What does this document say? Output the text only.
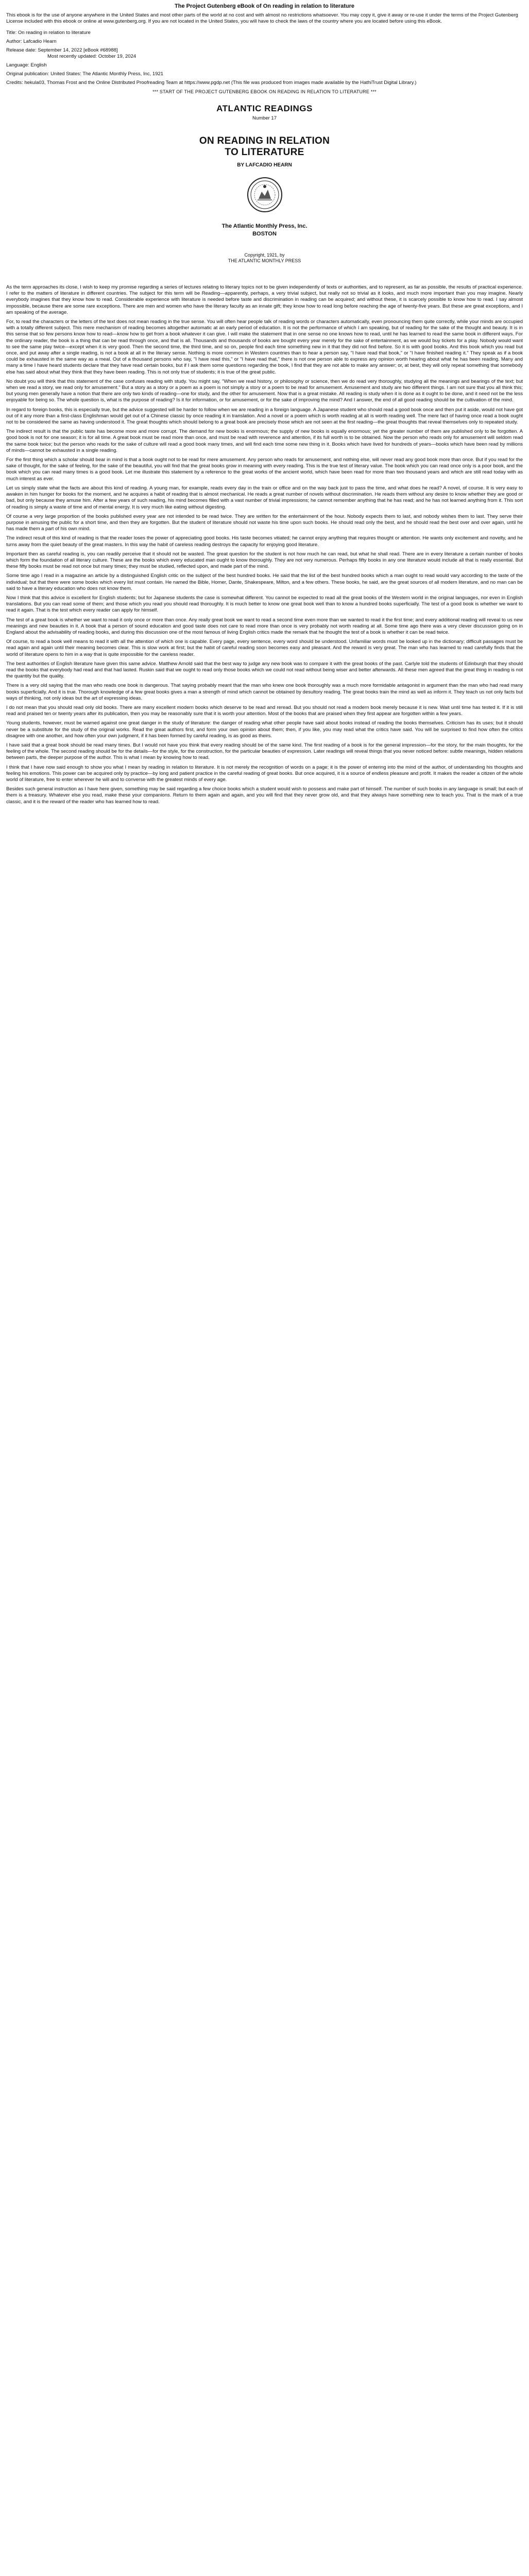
The Project Gutenberg eBook of On reading in relation to literature

This ebook is for the use of anyone anywhere in the United States and most other parts of the world at no cost and with almost no restrictions whatsoever. You may copy it, give it away or re-use it under the terms of the Project Gutenberg License included with this ebook or online at www.gutenberg.org. If you are not located in the United States, you will have to check the laws of the country where you are located before using this eBook.

Title: On reading in relation to literature

Author: Lafcadio Hearn

Release date: September 14, 2022 [eBook #68988]

Most recently updated: October 19, 2024

Language: English

Original publication: United States: The Atlantic Monthly Press, Inc, 1921

Credits: hekula03, Thomas Frost and the Online Distributed Proofreading Team at https://www.pgdp.net (This file was produced from images made available by the HathiTrust Digital Library.)

*** START OF THE PROJECT GUTENBERG EBOOK ON READING IN RELATION TO LITERATURE ***
ATLANTIC READINGS
Number 17
ON READING IN RELATION
TO LITERATURE
BY LAFCADIO HEARN
The Atlantic Monthly Press, Inc.
BOSTON
Copyright, 1921, by
THE ATLANTIC MONTHLY PRESS

As the term approaches its close, I wish to keep my promise regarding a series of lectures relating to literary topics not to be given independently of texts or authorities, and to represent, as far as possible, the results of practical experience. I refer to the matters of literature in different countries. The subject for this term will be Reading—apparently, perhaps, a very trivial subject, but really not so trivial as it looks, and much more important than you may imagine. Nearly everybody imagines that they know how to read. Considerable experience with literature is needed before taste and discrimination in reading can be acquired; and without these, it is scarcely possible to know how to read. I say almost impossible, because there are some rare exceptions. There are men and women who have the literary faculty as an innate gift; they know how to read long before reaching the age of twenty-five years. But these are great exceptions, and I am speaking of the average.

For, to read the characters or the letters of the text does not mean reading in the true sense. You will often hear people talk of reading words or characters automatically, even pronouncing them quite correctly, while your minds are occupied with a totally different subject. This mere mechanism of reading becomes altogether automatic at an early period of education. It is not the performance of which I am speaking, but of reading for the sake of the thought and beauty. It is in this sense that so few persons know how to read—know how to get from a book whatever it can give. I will make the statement that in one sense no one knows how to read, until he has learned to read the same book in different ways. For the ordinary reader, the book is a thing that can be read through once, and that is all. Thousands and thousands of books are bought every year merely for the sake of entertainment, as we would buy tickets for a play. Nobody would want to see the same play twice—except when it is very good. Then the second time, the third time, and so on, people find each time something new in it that they did not find before. So it is with good books. And this book which you read but once, and put away after a single reading, is not a book at all in the literary sense. Nothing is more common in Western countries than to hear a person say, "I have read that book," or "I have finished reading it." They speak as if a book could be exhausted in the same way as a meal. Out of a thousand persons who say, "I have read this," or "I have read that," there is not one person able to express any opinion worth hearing about what he has been reading. Many and many a time I have heard students declare that they have read certain books, but if I ask them some questions regarding the book, I find that they are not able to make any answer; or, at best, they will only repeat something that somebody else has said about what they think that they have been reading. This is not only true of students; it is true of the great public.

No doubt you will think that this statement of the case confuses reading with study. You might say, "When we read history, or philosophy or science, then we do read very thoroughly, studying all the meanings and bearings of the text; but when we read a story, we read only for amusement." But a story as a story or a poem as a poem is not simply a story or a poem to be read for amusement. Amusement and study are two different things. I am not sure that you all think this; but young men generally have a notion that there are only two kinds of reading—one for study, and the other for amusement. Now that is a great mistake. All reading is study when it is done as it ought to be done, and it need not be the less enjoyable for being so. The whole question is, what is the purpose of reading? Is it for information, or for amusement, or for the sake of improving the mind? And I answer, the end of all good reading should be the cultivation of the mind.

In regard to foreign books, this is especially true, but the advice suggested will be harder to follow when we are reading in a foreign language. A Japanese student who should read a good book once and then put it aside, would not have got out of it any more than a first-class Englishman would get out of a Chinese classic by once reading it in translation. And a novel or a poem which is worth reading at all is worth reading well. The mere fact of having once read a book ought not to be considered the same as having understood it. The great thoughts which should belong to a great book are precisely those which are not seen at the first reading—the great thoughts that reveal themselves only to repeated study.

The indirect result is that the public taste has become more and more corrupt. The demand for new books is enormous; the supply of new books is equally enormous; yet the greater number of them are published only to be forgotten. A good book is not for one season; it is for all time. A great book must be read more than once, and must be read with reverence and attention, if its full worth is to be obtained. Now the person who reads only for amusement will seldom read the same book twice; but the person who reads for the sake of culture will read a good book many times, and will find each time some new thing in it. Books which have lived for hundreds of years—books which have been read by millions of minds—cannot be exhausted in a single reading.

For the first thing which a scholar should bear in mind is that a book ought not to be read for mere amusement. Any person who reads for amusement, and nothing else, will never read any good book more than once. But if you read for the sake of thought, for the sake of feeling, for the sake of the beautiful, you will find that the great books grow in meaning with every reading. This is the true test of literary value. The book which you can read once only is a poor book, and the book which you can read many times is a good book. Let me illustrate this statement by a reference to the great works of the ancient world, which have been read for more than two thousand years and which are still read today with as much interest as ever.

Let us simply state what the facts are about this kind of reading. A young man, for example, reads every day in the train or office and on the way back just to pass the time, and what does he read? A novel, of course. It is very easy to awaken in him hunger for books for the moment, and he acquires a habit of reading that is almost mechanical. He reads a great number of novels without discrimination. He reads them without any desire to know whether they are good or bad, but only because they amuse him. After a few years of such reading, his mind becomes filled with a vast number of trivial impressions; he cannot remember anything that he has read; and he has not learned anything from it. This sort of reading is simply a waste of time and of mental energy. It is very much like eating without digesting.

Of course a very large proportion of the books published every year are not intended to be read twice. They are written for the entertainment of the hour. Nobody expects them to last, and nobody wishes them to last. They serve their purpose in amusing the public for a short time, and then they are forgotten. But the student of literature should not waste his time upon such books. He should read only the best, and he should read the best over and over again, until he has made them a part of his own mind.

The indirect result of this kind of reading is that the reader loses the power of appreciating good books. His taste becomes vitiated; he cannot enjoy anything that requires thought or attention. He wants only excitement and novelty, and he turns away from the quiet beauty of the great masters. In this way the habit of careless reading destroys the capacity for enjoying good literature.

Important then as careful reading is, you can readily perceive that it should not be wasted. The great question for the student is not how much he can read, but what he shall read. There are in every literature a certain number of books which form the foundation of all literary culture. These are the books which every educated man ought to know thoroughly. They are not very numerous. Perhaps fifty books in any one literature would include all that is really essential. But these fifty books must be read not once but many times; they must be studied, reflected upon, and made part of the mind.

Some time ago I read in a magazine an article by a distinguished English critic on the subject of the best hundred books. He said that the list of the best hundred books which a man ought to read would vary according to the taste of the individual; but that there were some books which every list must contain. He named the Bible, Homer, Dante, Shakespeare, Milton, and a few others. These books, he said, are the great sources of all modern literature, and no man can be said to have a literary education who does not know them.

Now I think that this advice is excellent for English students; but for Japanese students the case is somewhat different. You cannot be expected to read all the great books of the Western world in the original languages, nor even in English translations. But you can read some of them; and those which you read you should read thoroughly. It is much better to know one great book well than to know a hundred books superficially. The test of a good book is whether we want to read it again. That is the test which every reader can apply for himself.

The test of a great book is whether we want to read it only once or more than once. Any really great book we want to read a second time even more than we wanted to read it the first time; and every additional reading will reveal to us new meanings and new beauties in it. A book that a person of sound education and good taste does not care to read more than once is very probably not worth reading at all. Some time ago there was a very clever discussion going on in England about the advisability of reading books, and during this discussion one of the most famous of living English critics made the remark that he thought the test of a book is whether it can be read twice.

Of course, to read a book well means to read it with all the attention of which one is capable. Every page, every sentence, every word should be understood. Unfamiliar words must be looked up in the dictionary; difficult passages must be read again and again until their meaning becomes clear. This is slow work at first; but the habit of careful reading soon becomes easy and pleasant. And the reward is very great. The man who has learned to read carefully finds that the world of literature opens to him in a way that is quite impossible for the careless reader.

The best authorities of English literature have given this same advice. Matthew Arnold said that the best way to judge any new book was to compare it with the great books of the past. Carlyle told the students of Edinburgh that they should read the books that everybody had read and that had lasted. Ruskin said that we ought to read only those books which we could not read without being wiser and better afterwards. All these men agreed that the great thing in reading is not the quantity but the quality.

There is a very old saying that the man who reads one book is dangerous. That saying probably meant that the man who knew one book thoroughly was a much more formidable antagonist in argument than the man who had read many books superficially. And it is true. Thorough knowledge of a few great books gives a man a strength of mind which cannot be obtained by desultory reading. The great books train the mind as well as inform it. They teach us not only facts but ways of thinking, not only ideas but the art of expressing ideas.

I do not mean that you should read only old books. There are many excellent modern books which deserve to be read and reread. But you should not read a modern book merely because it is new. Wait until time has tested it. If it is still read and praised ten or twenty years after its publication, then you may be reasonably sure that it is worth your attention. Most of the books that are praised when they first appear are forgotten within a few years.

Young students, however, must be warned against one great danger in the study of literature: the danger of reading what other people have said about books instead of reading the books themselves. Criticism has its uses; but it should never be a substitute for the study of the original works. Read the great authors first, and form your own opinion about them; then, if you like, you may read what the critics have said. You will be surprised to find how often the critics disagree with one another, and how often your own judgment, if it has been formed by careful reading, is as good as theirs.

I have said that a great book should be read many times. But I would not have you think that every reading should be of the same kind. The first reading of a book is for the general impression—for the story, for the main thoughts, for the feeling of the whole. The second reading should be for the details—for the style, for the construction, for the particular beauties of expression. Later readings will reveal things that you never noticed before: subtle meanings, hidden relations between parts, the deeper purpose of the author. This is what I mean by knowing how to read.

I think that I have now said enough to show you what I mean by reading in relation to literature. It is not merely the recognition of words on a page; it is the power of entering into the mind of the author, of understanding his thoughts and feeling his emotions. This power can be acquired only by practice—by long and patient practice in the careful reading of great books. But once acquired, it is a source of endless pleasure and profit. It makes the reader a citizen of the whole world of literature, free to enter wherever he will and to converse with the greatest minds of every age.

Besides such general instruction as I have here given, something may be said regarding a few choice books which a student would wish to possess and make part of himself. The number of such books in any language is small; but each of them is a treasury. Whatever else you read, make these your companions. Return to them again and again, and you will find that they never grow old, and that they always have something new to teach you. That is the mark of a true classic, and it is the reward of the reader who has learned how to read.
